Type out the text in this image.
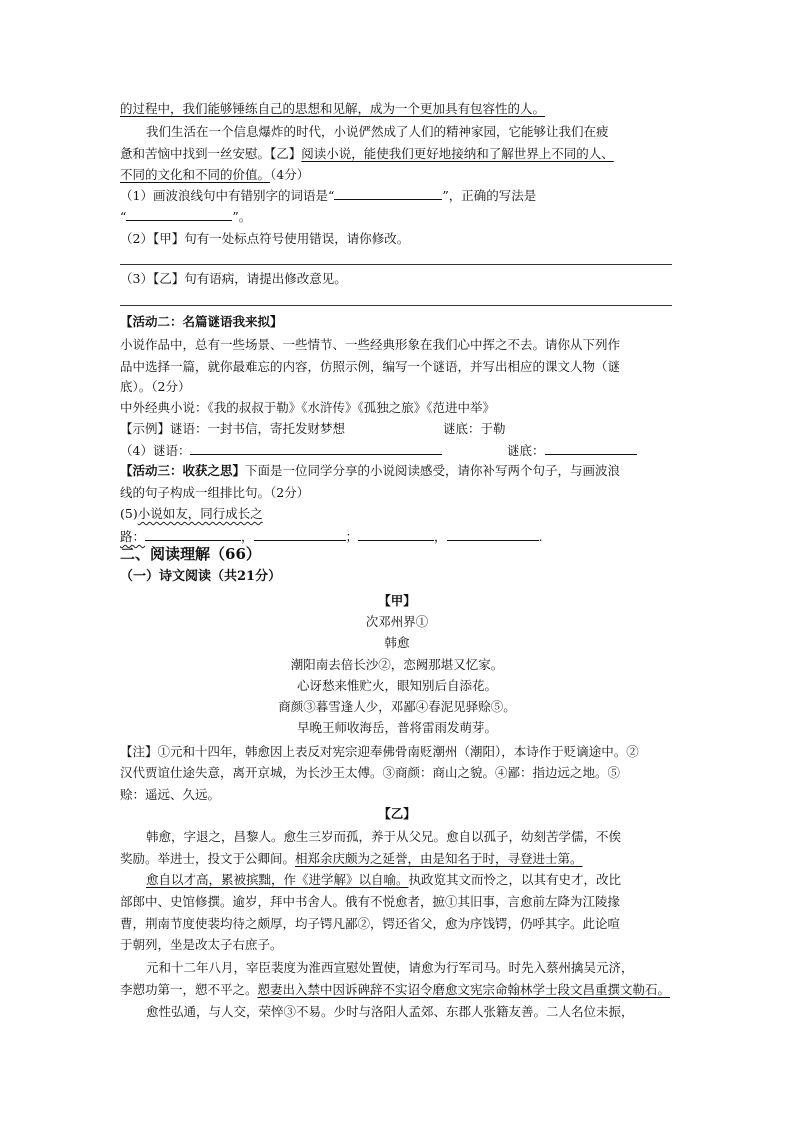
的过程中，我们能够锤练自己的思想和见解，成为一个更加具有包容性的人。
我们生活在一个信息爆炸的时代，小说俨然成了人们的精神家园，它能够让我们在疲
惫和苦恼中找到一丝安慰。【乙】阅读小说，能使我们更好地接纳和了解世界上不同的人、
不同的文化和不同的价值。（4分）
（1）画波浪线句中有错别字的词语是“	”，正确的写法是
“	”。
（2）【甲】句有一处标点符号使用错误，请你修改。
（3）【乙】句有语病，请提出修改意见。
【活动二：名篇谜语我来拟】
小说作品中，总有一些场景、一些情节、一些经典形象在我们心中挥之不去。请你从下列作
品中选择一篇，就你最难忘的内容，仿照示例，编写一个谜语，并写出相应的课文人物（谜
底）。（2分）
中外经典小说：《我的叔叔于勒》《水浒传》《孤独之旅》《范进中举》
【示例】谜语：一封书信，寄托发财梦想	谜底：于勒
（4）谜语：	谜底：
【活动三：收获之思】下面是一位同学分享的小说阅读感受，请你补写两个句子，与画波浪
线的句子构成一组排比句。（2分）
(5)小说如友，同行成长之
路：	，	；	，	.
二、阅读理解（66）
（一）诗文阅读（共21分）
【甲】
次邓州界①
韩愈
潮阳南去倍长沙②，恋阙那堪又忆家。
心讶愁来惟贮火，眼知别后自添花。
商颜③暮雪逢人少，邓鄙④春泥见驿赊⑤。
早晚王师收海岳，普将雷雨发萌芽。
【注】①元和十四年，韩愈因上表反对宪宗迎奉佛骨南贬潮州（潮阳），本诗作于贬谪途中。②
汉代贾谊仕途失意，离开京城，为长沙王太傅。③商颜：商山之貌。④鄙：指边远之地。⑤
赊：遥远、久远。
【乙】
韩愈，字退之，昌黎人。愈生三岁而孤，养于从父兄。愈自以孤子，幼刻苦学儒，不俟
奖励。举进士，投文于公卿间。相郑余庆颇为之延誉，由是知名于时，寻登进士第。
愈自以才高，累被摈黜，作《进学解》以自喻。执政览其文而怜之，以其有史才，改比
部郎中、史馆修撰。逾岁，拜中书舍人。俄有不悦愈者，摭①其旧事，言愈前左降为江陵掾
曹，荆南节度使裴均待之颇厚，均子锷凡鄙②，锷还省父，愈为序饯锷，仍呼其字。此论喧
于朝列，坐是改太子右庶子。
元和十二年八月，宰臣裴度为淮西宣慰处置使，请愈为行军司马。时先入蔡州擒吴元济，
李愬功第一，愬不平之。愬妻出入禁中因诉碑辞不实诏令磨愈文宪宗命翰林学士段文昌重撰文勒石。
愈性弘通，与人交，荣悴③不易。少时与洛阳人孟郊、东郡人张籍友善。二人名位未振，
